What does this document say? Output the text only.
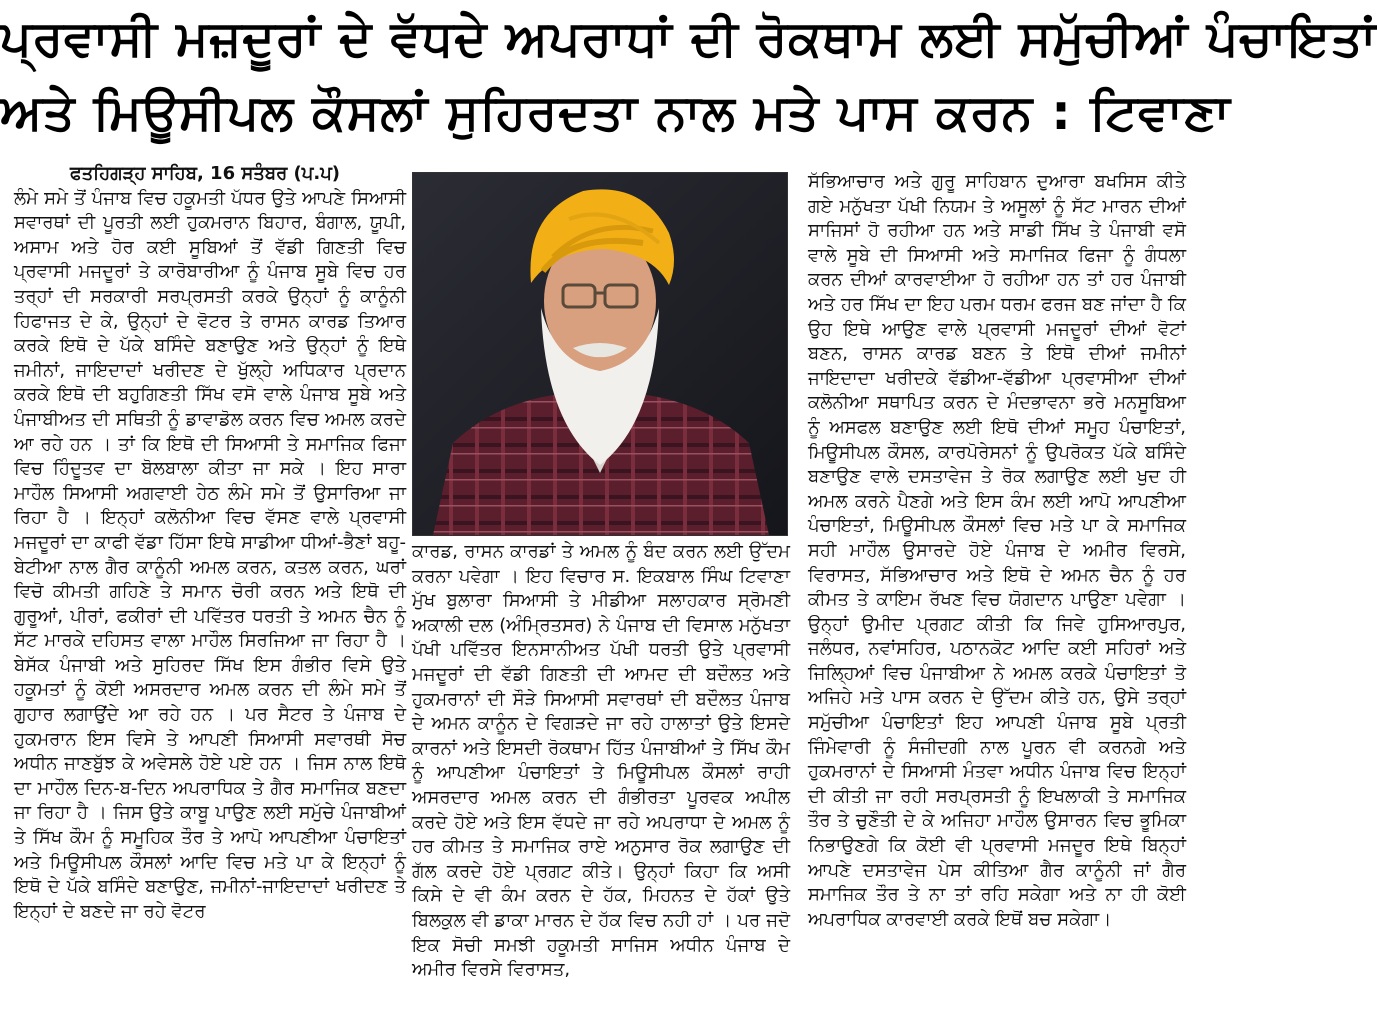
ਪ੍ਰਵਾਸੀ ਮਜ਼ਦੂਰਾਂ ਦੇ ਵੱਧਦੇ ਅਪਰਾਧਾਂ ਦੀ ਰੋਕਥਾਮ ਲਈ ਸਮੁੱਚੀਆਂ ਪੰਚਾਇਤਾਂ
ਅਤੇ ਮਿਊਸੀਪਲ ਕੌਸਲਾਂ ਸੁਹਿਰਦਤਾ ਨਾਲ ਮਤੇ ਪਾਸ ਕਰਨ : ਟਿਵਾਣਾ
ਫਤਹਿਗੜ੍ਹ ਸਾਹਿਬ, 16 ਸਤੰਬਰ (ਪ.ਪ)

ਲੰਮੇ ਸਮੇ ਤੋਂ ਪੰਜਾਬ ਵਿਚ ਹਕੂਮਤੀ ਪੱਧਰ ਉਤੇ ਆਪਣੇ ਸਿਆਸੀ ਸਵਾਰਥਾਂ ਦੀ ਪੂਰਤੀ ਲਈ ਹੁਕਮਰਾਨ ਬਿਹਾਰ, ਬੰਗਾਲ, ਯੂਪੀ, ਅਸਾਮ ਅਤੇ ਹੋਰ ਕਈ ਸੂਬਿਆਂ ਤੋਂ ਵੱਡੀ ਗਿਣਤੀ ਵਿਚ ਪ੍ਰਵਾਸੀ ਮਜਦੂਰਾਂ ਤੇ ਕਾਰੋਬਾਰੀਆ ਨੂੰ ਪੰਜਾਬ ਸੂਬੇ ਵਿਚ ਹਰ ਤਰ੍ਹਾਂ ਦੀ ਸਰਕਾਰੀ ਸਰਪ੍ਰਸਤੀ ਕਰਕੇ ਉਨ੍ਹਾਂ ਨੂੰ ਕਾਨੂੰਨੀ ਹਿਫਾਜਤ ਦੇ ਕੇ, ਉਨ੍ਹਾਂ ਦੇ ਵੋਟਰ ਤੇ ਰਾਸਨ ਕਾਰਡ ਤਿਆਰ ਕਰਕੇ ਇਥੋ ਦੇ ਪੱਕੇ ਬਸਿੰਦੇ ਬਣਾਉਣ ਅਤੇ ਉਨ੍ਹਾਂ ਨੂੰ ਇਥੇ ਜਮੀਨਾਂ, ਜਾਇਦਾਦਾਂ ਖਰੀਦਣ ਦੇ ਖੁੱਲ੍ਹੇ ਅਧਿਕਾਰ ਪ੍ਰਦਾਨ ਕਰਕੇ ਇਥੋ ਦੀ ਬਹੁਗਿਣਤੀ ਸਿੱਖ ਵਸੋ ਵਾਲੇ ਪੰਜਾਬ ਸੂਬੇ ਅਤੇ ਪੰਜਾਬੀਅਤ ਦੀ ਸਥਿਤੀ ਨੂੰ ਡਾਵਾਡੋਲ ਕਰਨ ਵਿਚ ਅਮਲ ਕਰਦੇ ਆ ਰਹੇ ਹਨ । ਤਾਂ ਕਿ ਇਥੋ ਦੀ ਸਿਆਸੀ ਤੇ ਸਮਾਜਿਕ ਫਿਜਾ ਵਿਚ ਹਿੰਦੂਤਵ ਦਾ ਬੋਲਬਾਲਾ ਕੀਤਾ ਜਾ ਸਕੇ । ਇਹ ਸਾਰਾ ਮਾਹੌਲ ਸਿਆਸੀ ਅਗਵਾਈ ਹੇਠ ਲੰਮੇ ਸਮੇ ਤੋਂ ਉਸਾਰਿਆ ਜਾ ਰਿਹਾ ਹੈ । ਇਨ੍ਹਾਂ ਕਲੋਨੀਆ ਵਿਚ ਵੱਸਣ ਵਾਲੇ ਪ੍ਰਵਾਸੀ ਮਜਦੂਰਾਂ ਦਾ ਕਾਫੀ ਵੱਡਾ ਹਿੱਸਾ ਇਥੇ ਸਾਡੀਆ ਧੀਆਂ-ਭੈਣਾਂ ਬਹੂ-ਬੇਟੀਆ ਨਾਲ ਗੈਰ ਕਾਨੂੰਨੀ ਅਮਲ ਕਰਨ, ਕਤਲ ਕਰਨ, ਘਰਾਂ ਵਿਚੋ ਕੀਮਤੀ ਗਹਿਣੇ ਤੇ ਸਮਾਨ ਚੋਰੀ ਕਰਨ ਅਤੇ ਇਥੋ ਦੀ ਗੁਰੂਆਂ, ਪੀਰਾਂ, ਫਕੀਰਾਂ ਦੀ ਪਵਿੱਤਰ ਧਰਤੀ ਤੇ ਅਮਨ ਚੈਨ ਨੂੰ ਸੱਟ ਮਾਰਕੇ ਦਹਿਸਤ ਵਾਲਾ ਮਾਹੌਲ ਸਿਰਜਿਆ ਜਾ ਰਿਹਾ ਹੈ । ਬੇਸੱਕ ਪੰਜਾਬੀ ਅਤੇ ਸੁਹਿਰਦ ਸਿੱਖ ਇਸ ਗੰਭੀਰ ਵਿਸੇ ਉਤੇ ਹਕੂਮਤਾਂ ਨੂੰ ਕੋਈ ਅਸਰਦਾਰ ਅਮਲ ਕਰਨ ਦੀ ਲੰਮੇ ਸਮੇ ਤੋਂ ਗੁਹਾਰ ਲਗਾਉਂਦੇ ਆ ਰਹੇ ਹਨ । ਪਰ ਸੈਟਰ ਤੇ ਪੰਜਾਬ ਦੇ ਹੁਕਮਰਾਨ ਇਸ ਵਿਸੇ ਤੇ ਆਪਣੀ ਸਿਆਸੀ ਸਵਾਰਥੀ ਸੋਚ ਅਧੀਨ ਜਾਣਬੁੱਝ ਕੇ ਅਵੇਸਲੇ ਹੋਏ ਪਏ ਹਨ । ਜਿਸ ਨਾਲ ਇਥੋ ਦਾ ਮਾਹੌਲ ਦਿਨ-ਬ-ਦਿਨ ਅਪਰਾਧਿਕ ਤੇ ਗੈਰ ਸਮਾਜਿਕ ਬਣਦਾ ਜਾ ਰਿਹਾ ਹੈ । ਜਿਸ ਉਤੇ ਕਾਬੂ ਪਾਉਣ ਲਈ ਸਮੁੱਚੇ ਪੰਜਾਬੀਆਂ ਤੇ ਸਿੱਖ ਕੌਮ ਨੂੰ ਸਮੂਹਿਕ ਤੌਰ ਤੇ ਆਪੋ ਆਪਣੀਆ ਪੰਚਾਇਤਾਂ ਅਤੇ ਮਿਊਸੀਪਲ ਕੌਸਲਾਂ ਆਦਿ ਵਿਚ ਮਤੇ ਪਾ ਕੇ ਇਨ੍ਹਾਂ ਨੂੰ ਇਥੋ ਦੇ ਪੱਕੇ ਬਸਿੰਦੇ ਬਣਾਉਣ, ਜਮੀਨਾਂ-ਜਾਇਦਾਦਾਂ ਖਰੀਦਣ ਤੇ ਇਨ੍ਹਾਂ ਦੇ ਬਣਦੇ ਜਾ ਰਹੇ ਵੋਟਰ

ਕਾਰਡ, ਰਾਸਨ ਕਾਰਡਾਂ ਤੇ ਅਮਲ ਨੂੰ ਬੰਦ ਕਰਨ ਲਈ ਉੱਦਮ ਕਰਨਾ ਪਵੇਗਾ । ਇਹ ਵਿਚਾਰ ਸ. ਇਕਬਾਲ ਸਿੰਘ ਟਿਵਾਣਾ ਮੁੱਖ ਬੁਲਾਰਾ ਸਿਆਸੀ ਤੇ ਮੀਡੀਆ ਸਲਾਹਕਾਰ ਸ੍ਰੋਮਣੀ ਅਕਾਲੀ ਦਲ (ਅੰਮ੍ਰਿਤਸਰ) ਨੇ ਪੰਜਾਬ ਦੀ ਵਿਸਾਲ ਮਨੁੱਖਤਾ ਪੱਖੀ ਪਵਿੱਤਰ ਇਨਸਾਨੀਅਤ ਪੱਖੀ ਧਰਤੀ ਉਤੇ ਪ੍ਰਵਾਸੀ ਮਜਦੂਰਾਂ ਦੀ ਵੱਡੀ ਗਿਣਤੀ ਦੀ ਆਮਦ ਦੀ ਬਦੌਲਤ ਅਤੇ ਹੁਕਮਰਾਨਾਂ ਦੀ ਸੌੜੇ ਸਿਆਸੀ ਸਵਾਰਥਾਂ ਦੀ ਬਦੌਲਤ ਪੰਜਾਬ ਦੇ ਅਮਨ ਕਾਨੂੰਨ ਦੇ ਵਿਗੜਦੇ ਜਾ ਰਹੇ ਹਾਲਾਤਾਂ ਉਤੇ ਇਸਦੇ ਕਾਰਨਾਂ ਅਤੇ ਇਸਦੀ ਰੋਕਥਾਮ ਹਿੱਤ ਪੰਜਾਬੀਆਂ ਤੇ ਸਿੱਖ ਕੌਮ ਨੂੰ ਆਪਣੀਆ ਪੰਚਾਇਤਾਂ ਤੇ ਮਿਊਸੀਪਲ ਕੌਸਲਾਂ ਰਾਹੀ ਅਸਰਦਾਰ ਅਮਲ ਕਰਨ ਦੀ ਗੰਭੀਰਤਾ ਪੂਰਵਕ ਅਪੀਲ ਕਰਦੇ ਹੋਏ ਅਤੇ ਇਸ ਵੱਧਦੇ ਜਾ ਰਹੇ ਅਪਰਾਧਾ ਦੇ ਅਮਲ ਨੂੰ ਹਰ ਕੀਮਤ ਤੇ ਸਮਾਜਿਕ ਰਾਏ ਅਨੁਸਾਰ ਰੋਕ ਲਗਾਉਣ ਦੀ ਗੱਲ ਕਰਦੇ ਹੋਏ ਪ੍ਰਗਟ ਕੀਤੇ। ਉਨ੍ਹਾਂ ਕਿਹਾ ਕਿ ਅਸੀ ਕਿਸੇ ਦੇ ਵੀ ਕੰਮ ਕਰਨ ਦੇ ਹੱਕ, ਮਿਹਨਤ ਦੇ ਹੱਕਾਂ ਉਤੇ ਬਿਲਕੁਲ ਵੀ ਡਾਕਾ ਮਾਰਨ ਦੇ ਹੱਕ ਵਿਚ ਨਹੀ ਹਾਂ । ਪਰ ਜਦੋ ਇਕ ਸੋਚੀ ਸਮਝੀ ਹਕੂਮਤੀ ਸਾਜਿਸ ਅਧੀਨ ਪੰਜਾਬ ਦੇ ਅਮੀਰ ਵਿਰਸੇ ਵਿਰਾਸਤ,

ਸੱਭਿਆਚਾਰ ਅਤੇ ਗੁਰੂ ਸਾਹਿਬਾਨ ਦੁਆਰਾ ਬਖਸਿਸ ਕੀਤੇ ਗਏ ਮਨੁੱਖਤਾ ਪੱਖੀ ਨਿਯਮ ਤੇ ਅਸੂਲਾਂ ਨੂੰ ਸੱਟ ਮਾਰਨ ਦੀਆਂ ਸਾਜਿਸਾਂ ਹੋ ਰਹੀਆ ਹਨ ਅਤੇ ਸਾਡੀ ਸਿੱਖ ਤੇ ਪੰਜਾਬੀ ਵਸੋ ਵਾਲੇ ਸੂਬੇ ਦੀ ਸਿਆਸੀ ਅਤੇ ਸਮਾਜਿਕ ਫਿਜਾ ਨੂੰ ਗੰਧਲਾ ਕਰਨ ਦੀਆਂ ਕਾਰਵਾਈਆ ਹੋ ਰਹੀਆ ਹਨ ਤਾਂ ਹਰ ਪੰਜਾਬੀ ਅਤੇ ਹਰ ਸਿੱਖ ਦਾ ਇਹ ਪਰਮ ਧਰਮ ਫਰਜ ਬਣ ਜਾਂਦਾ ਹੈ ਕਿ ਉਹ ਇਥੇ ਆਉਣ ਵਾਲੇ ਪ੍ਰਵਾਸੀ ਮਜਦੂਰਾਂ ਦੀਆਂ ਵੋਟਾਂ ਬਣਨ, ਰਾਸਨ ਕਾਰਡ ਬਣਨ ਤੇ ਇਥੋ ਦੀਆਂ ਜਮੀਨਾਂ ਜਾਇਦਾਦਾ ਖਰੀਦਕੇ ਵੱਡੀਆ-ਵੱਡੀਆ ਪ੍ਰਵਾਸੀਆ ਦੀਆਂ ਕਲੋਨੀਆ ਸਥਾਪਿਤ ਕਰਨ ਦੇ ਮੰਦਭਾਵਨਾ ਭਰੇ ਮਨਸੂਬਿਆ ਨੂੰ ਅਸਫਲ ਬਣਾਉਣ ਲਈ ਇਥੋ ਦੀਆਂ ਸਮੂਹ ਪੰਚਾਇਤਾਂ, ਮਿਊਸੀਪਲ ਕੌਸਲ, ਕਾਰਪੋਰੇਸਨਾਂ ਨੂੰ ਉਪਰੋਕਤ ਪੱਕੇ ਬਸਿੰਦੇ ਬਣਾਉਣ ਵਾਲੇ ਦਸਤਾਵੇਜ ਤੇ ਰੋਕ ਲਗਾਉਣ ਲਈ ਖੁਦ ਹੀ ਅਮਲ ਕਰਨੇ ਪੈਣਗੇ ਅਤੇ ਇਸ ਕੰਮ ਲਈ ਆਪੋ ਆਪਣੀਆ ਪੰਚਾਇਤਾਂ, ਮਿਊਸੀਪਲ ਕੌਸਲਾਂ ਵਿਚ ਮਤੇ ਪਾ ਕੇ ਸਮਾਜਿਕ ਸਹੀ ਮਾਹੌਲ ਉਸਾਰਦੇ ਹੋਏ ਪੰਜਾਬ ਦੇ ਅਮੀਰ ਵਿਰਸੇ, ਵਿਰਾਸਤ, ਸੱਭਿਆਚਾਰ ਅਤੇ ਇਥੋ ਦੇ ਅਮਨ ਚੈਨ ਨੂੰ ਹਰ ਕੀਮਤ ਤੇ ਕਾਇਮ ਰੱਖਣ ਵਿਚ ਯੋਗਦਾਨ ਪਾਉਣਾ ਪਵੇਗਾ । ਉਨ੍ਹਾਂ ਉਮੀਦ ਪ੍ਰਗਟ ਕੀਤੀ ਕਿ ਜਿਵੇ ਹੁਸਿਆਰਪੁਰ, ਜਲੰਧਰ, ਨਵਾਂਸਹਿਰ, ਪਠਾਨਕੋਟ ਆਦਿ ਕਈ ਸਹਿਰਾਂ ਅਤੇ ਜਿਲ੍ਹਿਆਂ ਵਿਚ ਪੰਜਾਬੀਆ ਨੇ ਅਮਲ ਕਰਕੇ ਪੰਚਾਇਤਾਂ ਤੋ ਅਜਿਹੇ ਮਤੇ ਪਾਸ ਕਰਨ ਦੇ ਉੱਦਮ ਕੀਤੇ ਹਨ, ਉਸੇ ਤਰ੍ਹਾਂ ਸਮੁੱਚੀਆ ਪੰਚਾਇਤਾਂ ਇਹ ਆਪਣੀ ਪੰਜਾਬ ਸੂਬੇ ਪ੍ਰਤੀ ਜਿੰਮੇਵਾਰੀ ਨੂੰ ਸੰਜੀਦਗੀ ਨਾਲ ਪੂਰਨ ਵੀ ਕਰਨਗੇ ਅਤੇ ਹੁਕਮਰਾਨਾਂ ਦੇ ਸਿਆਸੀ ਮੰਤਵਾ ਅਧੀਨ ਪੰਜਾਬ ਵਿਚ ਇਨ੍ਹਾਂ ਦੀ ਕੀਤੀ ਜਾ ਰਹੀ ਸਰਪ੍ਰਸਤੀ ਨੂੰ ਇਖਲਾਕੀ ਤੇ ਸਮਾਜਿਕ ਤੌਰ ਤੇ ਚੁਣੌਤੀ ਦੇ ਕੇ ਅਜਿਹਾ ਮਾਹੌਲ ਉਸਾਰਨ ਵਿਚ ਭੂਮਿਕਾ ਨਿਭਾਉਣਗੇ ਕਿ ਕੋਈ ਵੀ ਪ੍ਰਵਾਸੀ ਮਜਦੂਰ ਇਥੇ ਬਿਨ੍ਹਾਂ ਆਪਣੇ ਦਸਤਾਵੇਜ ਪੇਸ ਕੀਤਿਆ ਗੈਰ ਕਾਨੂੰਨੀ ਜਾਂ ਗੈਰ ਸਮਾਜਿਕ ਤੌਰ ਤੇ ਨਾ ਤਾਂ ਰਹਿ ਸਕੇਗਾ ਅਤੇ ਨਾ ਹੀ ਕੋਈ ਅਪਰਾਧਿਕ ਕਾਰਵਾਈ ਕਰਕੇ ਇਥੋਂ ਬਚ ਸਕੇਗਾ।
